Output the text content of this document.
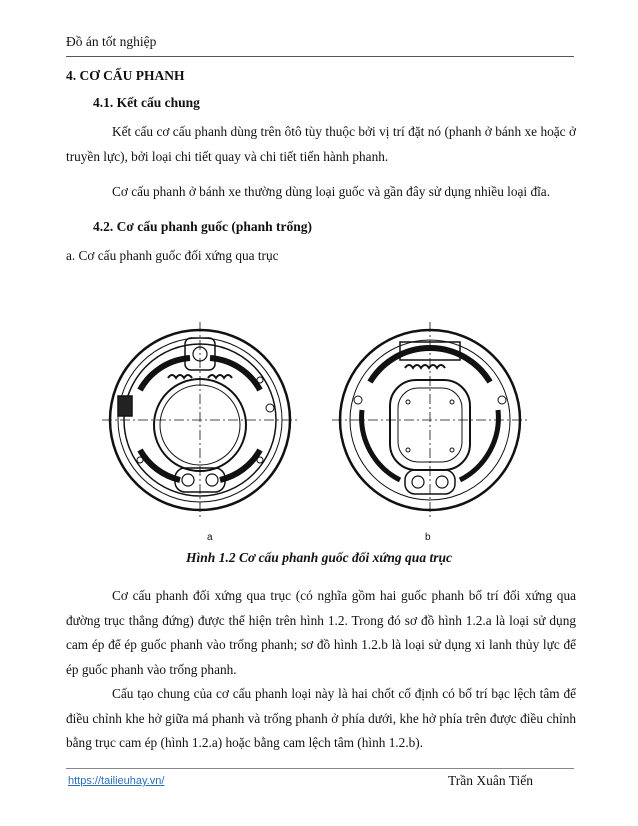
Đồ án tốt nghiệp
4. CƠ CẤU PHANH
4.1. Kết cấu chung
Kết cấu cơ cấu phanh dùng trên ôtô tùy thuộc bởi vị trí đặt nó (phanh ở bánh xe hoặc ở truyền lực), bởi loại chi tiết quay và chi tiết tiến hành phanh.
Cơ cấu phanh ở bánh xe thường dùng loại guốc và gần đây sử dụng nhiều loại đĩa.
4.2. Cơ cấu phanh guốc (phanh trống)
a. Cơ cấu phanh guốc đối xứng qua trục
a	b
Hình 1.2 Cơ cấu phanh guốc đối xứng qua trục
Cơ cấu phanh đối xứng qua trục (có nghĩa gồm hai guốc phanh bố trí đối xứng qua đường trục thẳng đứng) được thể hiện trên hình 1.2. Trong đó sơ đồ hình 1.2.a là loại sử dụng cam ép để ép guốc phanh vào trống phanh; sơ đồ hình 1.2.b là loại sử dụng xi lanh thủy lực để ép guốc phanh vào trống phanh.
Cấu tạo chung của cơ cấu phanh loại này là hai chốt cố định có bố trí bạc lệch tâm để điều chỉnh khe hở giữa má phanh và trống phanh ở phía dưới, khe hở phía trên được điều chỉnh bằng trục cam ép (hình 1.2.a) hoặc bằng cam lệch tâm (hình 1.2.b).
https://tailieuhay.vn/	Trần Xuân Tiến
